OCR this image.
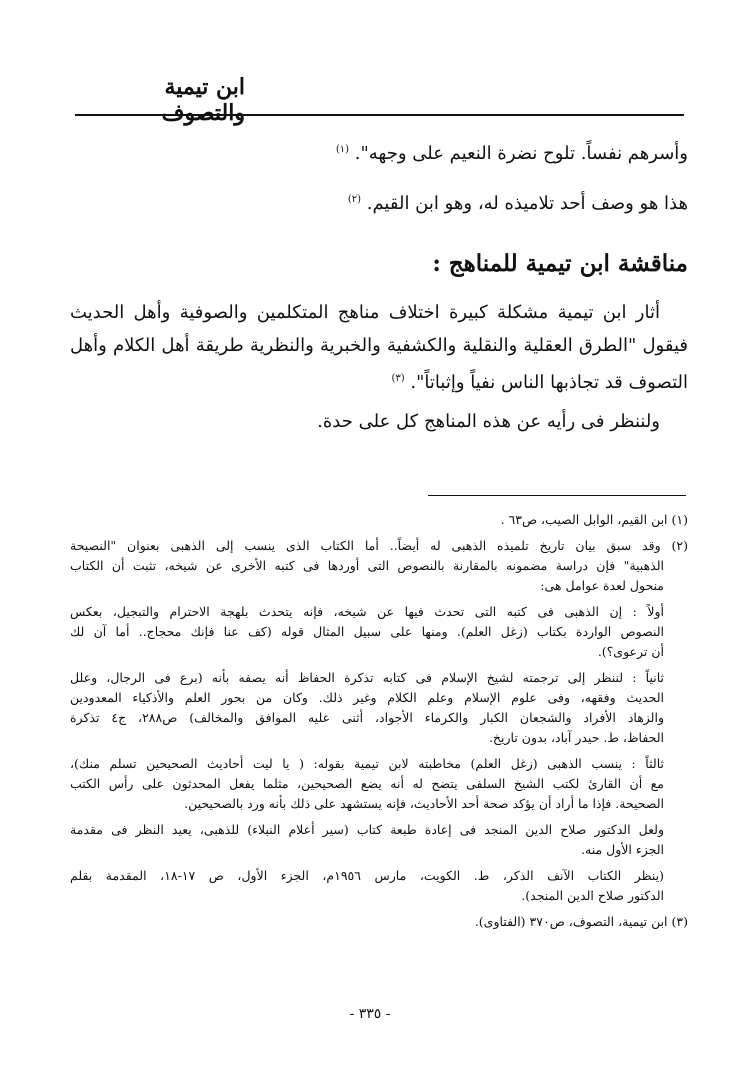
ابن تيمية والتصوف
وأسرهم نفساً. تلوح نضرة النعيم على وجهه". $^{(١)}$
هذا هو وصف أحد تلاميذه له، وهو ابن القيم. $^{(٢)}$
مناقشة ابن تيمية للمناهج :
أثار ابن تيمية مشكلة كبيرة اختلاف مناهج المتكلمين والصوفية وأهل الحديث
فيقول "الطرق العقلية والنقلية والكشفية والخبرية والنظرية طريقة أهل الكلام وأهل
التصوف قد تجاذبها الناس نفياً وإثباتاً". $^{(٣)}$
ولننظر فى رأيه عن هذه المناهج كل على حدة.
(١) ابن القيم، الوابل الصيب، ص٦٣ .
(٢) وقد سبق بيان تاريخ تلميذه الذهبى له أيضاً.. أما الكتاب الذى ينسب إلى الذهبى بعنوان "النصيحة
الذهبية" فإن دراسة مضمونه بالمقارنة بالنصوص التى أوردها فى كتبه الأخرى عن شيخه، تثبت أن الكتاب
منحول لعدة عوامل هى:
أولاً : إن الذهبى فى كتبه التى تحدث فيها عن شيخه، فإنه يتحدث بلهجة الاحترام والتبجيل، بعكس
النصوص الواردة بكتاب (زغل العلم). ومنها على سبيل المثال قوله (كف عنا فإنك محجاج.. أما آن لك
أن ترعوى؟).
ثانياً : لننظر إلى ترجمته لشيخ الإسلام فى كتابه تذكرة الحفاظ أنه يصفه بأنه (برع فى الرجال، وعلل
الحديث وفقهه، وفى علوم الإسلام وعلم الكلام وغير ذلك. وكان من بحور العلم والأذكياء المعدودين
والزهاد الأفراد والشجعان الكبار والكرماء الأجواد، أثنى عليه الموافق والمخالف) ص٢٨٨، ج٤ تذكرة
الحفاظ، ط. حيدر آباد، بدون تاريخ.
ثالثاً : ينسب الذهبى (زغل العلم) مخاطبته لابن تيمية بقوله: ( يا ليت أحاديث الصحيحين تسلم منك)،
مع أن القارئ لكتب الشيخ السلفى يتضح له أنه يضع الصحيحين، مثلما يفعل المحدثون على رأس الكتب
الصحيحة. فإذا ما أراد أن يؤكد صحة أحد الأحاديث، فإنه يستشهد على ذلك بأنه ورد بالصحيحين.
ولعل الدكتور صلاح الدين المنجد فى إعادة طبعة كتاب (سير أعلام النبلاء) للذهبى، يعيد النظر فى مقدمة
الجزء الأول منه.
(ينظر الكتاب الآنف الذكر، ط. الكويت، مارس ١٩٥٦م، الجزء الأول، ص ١٧-١٨، المقدمة بقلم
الدكتور صلاح الدين المنجد).
(٣) ابن تيمية، التصوف، ص٣٧٠ (الفتاوى).
- ٣٣٥ -
